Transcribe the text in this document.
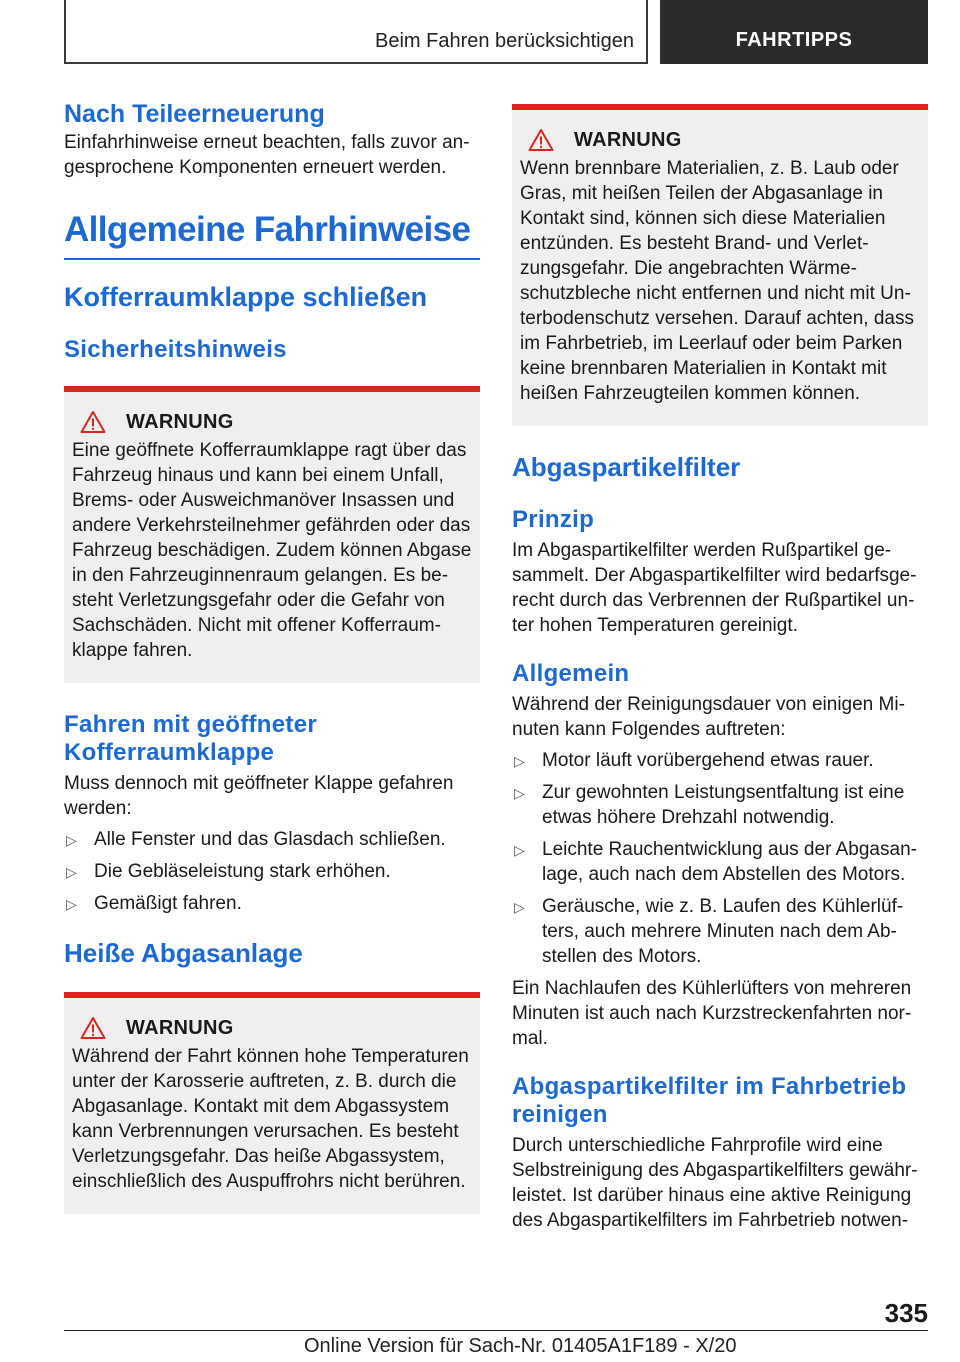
Beim Fahren berücksichtigen	FAHRTIPPS
Nach Teileerneuerung

Einfahrhinweise erneut beachten, falls zuvor angesprochene Komponenten erneuert werden.

Allgemeine Fahrhinweise
Kofferraumklappe schließen
Sicherheitshinweis
WARNUNG

Eine geöffnete Kofferraumklappe ragt über das Fahrzeug hinaus und kann bei einem Unfall, Brems- oder Ausweichmanöver Insassen und andere Verkehrsteilnehmer gefährden oder das Fahrzeug beschädigen. Zudem können Abgase in den Fahrzeuginnenraum gelangen. Es besteht Verletzungsgefahr oder die Gefahr von Sachschäden. Nicht mit offener Kofferraumklappe fahren.

Fahren mit geöffneter Kofferraumklappe

Muss dennoch mit geöffneter Klappe gefahren werden:

▷ Alle Fenster und das Glasdach schließen.
▷ Die Gebläseleistung stark erhöhen.
▷ Gemäßigt fahren.
Heiße Abgasanlage
WARNUNG

Während der Fahrt können hohe Temperaturen unter der Karosserie auftreten, z. B. durch die Abgasanlage. Kontakt mit dem Abgassystem kann Verbrennungen verursachen. Es besteht Verletzungsgefahr. Das heiße Abgassystem, einschließlich des Auspuffrohrs nicht berühren.

WARNUNG

Wenn brennbare Materialien, z. B. Laub oder Gras, mit heißen Teilen der Abgasanlage in Kontakt sind, können sich diese Materialien entzünden. Es besteht Brand- und Verletzungsgefahr. Die angebrachten Wärmeschutzbleche nicht entfernen und nicht mit Unterbodenschutz versehen. Darauf achten, dass im Fahrbetrieb, im Leerlauf oder beim Parken keine brennbaren Materialien in Kontakt mit heißen Fahrzeugteilen kommen können.

Abgaspartikelfilter
Prinzip

Im Abgaspartikelfilter werden Rußpartikel gesammelt. Der Abgaspartikelfilter wird bedarfsgerecht durch das Verbrennen der Rußpartikel unter hohen Temperaturen gereinigt.

Allgemein

Während der Reinigungsdauer von einigen Minuten kann Folgendes auftreten:

▷ Motor läuft vorübergehend etwas rauer.
▷ Zur gewohnten Leistungsentfaltung ist eine etwas höhere Drehzahl notwendig.
▷ Leichte Rauchentwicklung aus der Abgasanlage, auch nach dem Abstellen des Motors.
▷ Geräusche, wie z. B. Laufen des Kühlerlüfters, auch mehrere Minuten nach dem Abstellen des Motors.

Ein Nachlaufen des Kühlerlüfters von mehreren Minuten ist auch nach Kurzstreckenfahrten normal.

Abgaspartikelfilter im Fahrbetrieb reinigen

Durch unterschiedliche Fahrprofile wird eine Selbstreinigung des Abgaspartikelfilters gewährleistet. Ist darüber hinaus eine aktive Reinigung des Abgaspartikelfilters im Fahrbetrieb notwen-

335
Online Version für Sach-Nr. 01405A1F189 - X/20
